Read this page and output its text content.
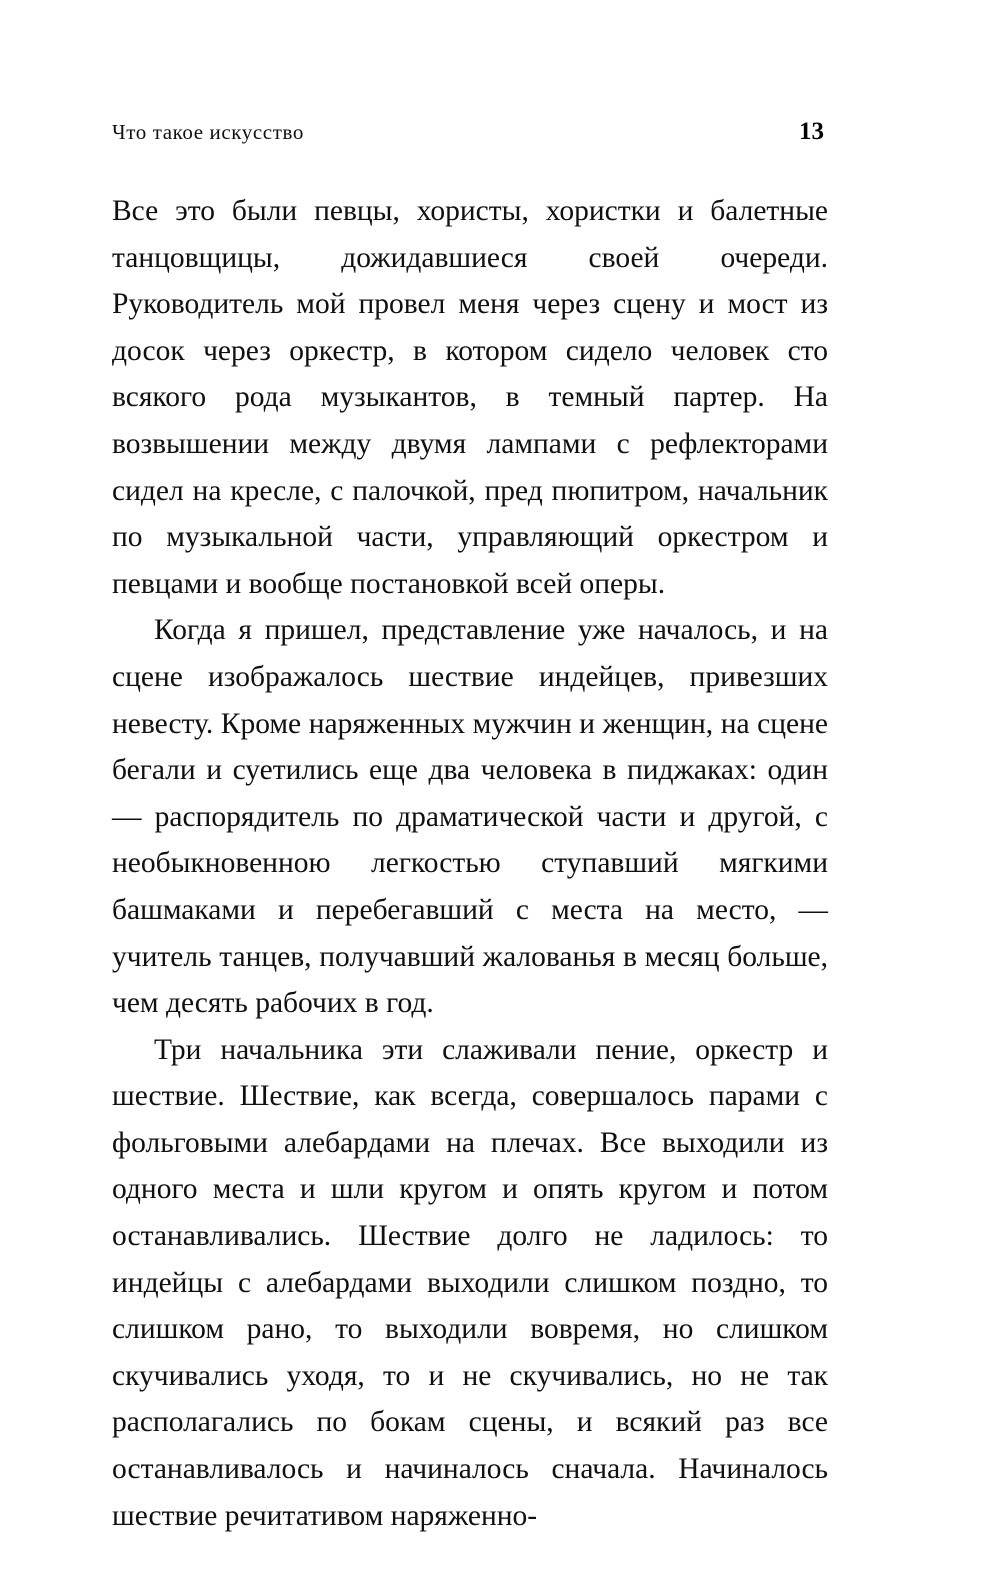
Что такое искусство	13

Все это были певцы, хористы, хористки и балетные танцовщицы, дожидавшиеся своей очереди. Руководитель мой провел меня через сцену и мост из досок через оркестр, в котором сидело человек сто всякого рода музыкантов, в темный партер. На возвышении между двумя лампами с рефлекторами сидел на кресле, с палочкой, пред пюпитром, начальник по музыкальной части, управляющий оркестром и певцами и вообще постановкой всей оперы.

Когда я пришел, представление уже началось, и на сцене изображалось шествие индейцев, привезших невесту. Кроме наряженных мужчин и женщин, на сцене бегали и суетились еще два человека в пиджаках: один — распорядитель по драматической части и другой, с необыкновенною легкостью ступавший мягкими башмаками и перебегавший с места на место, — учитель танцев, получавший жалованья в месяц больше, чем десять рабочих в год.

Три начальника эти слаживали пение, оркестр и шествие. Шествие, как всегда, совершалось парами с фольговыми алебардами на плечах. Все выходили из одного места и шли кругом и опять кругом и потом останавливались. Шествие долго не ладилось: то индейцы с алебардами выходили слишком поздно, то слишком рано, то выходили вовремя, но слишком скучивались уходя, то и не скучивались, но не так располагались по бокам сцены, и всякий раз все останавливалось и начиналось сначала. Начиналось шествие речитативом наряженно-
